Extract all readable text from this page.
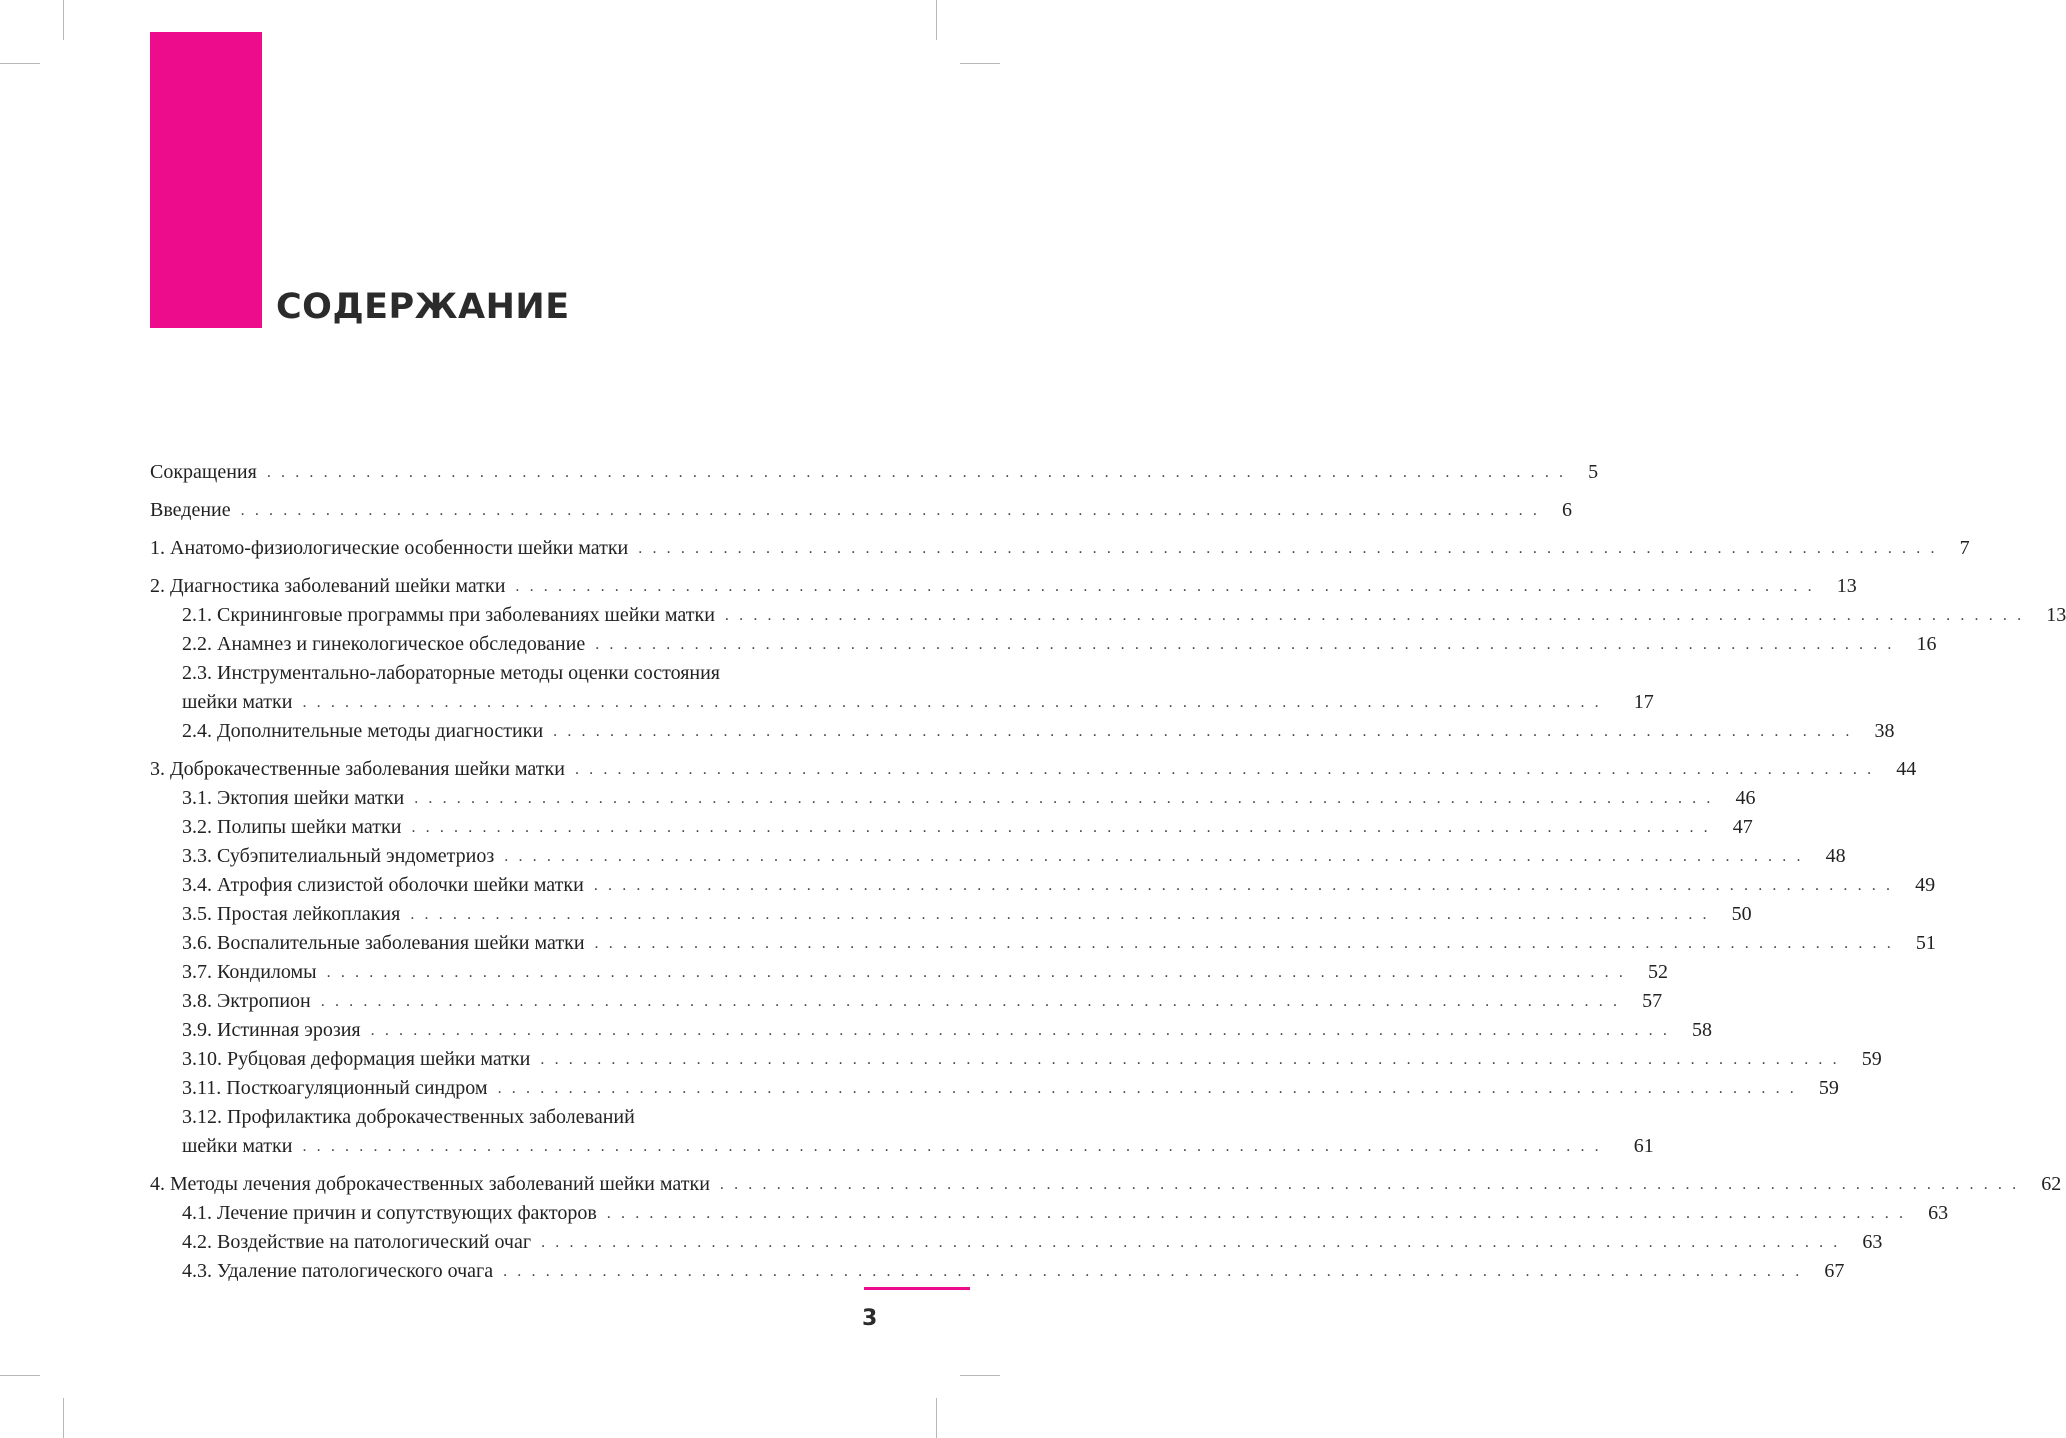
СОДЕРЖАНИЕ
Сокращения . . .	5
Введение . . .	6
1. Анатомо-физиологические особенности шейки матки . . .	7
2. Диагностика заболеваний шейки матки . . .	13
2.1. Скрининговые программы при заболеваниях шейки матки . . .	13
2.2. Анамнез и гинекологическое обследование . . .	16
2.3. Инструментально-лабораторные методы оценки состояния
шейки матки . . .	17
2.4. Дополнительные методы диагностики . . .	38
3. Доброкачественные заболевания шейки матки . . .	44
3.1. Эктопия шейки матки . . .	46
3.2. Полипы шейки матки . . .	47
3.3. Субэпителиальный эндометриоз . . .	48
3.4. Атрофия слизистой оболочки шейки матки . . .	49
3.5. Простая лейкоплакия . . .	50
3.6. Воспалительные заболевания шейки матки . . .	51
3.7. Кондиломы . . .	52
3.8. Эктропион . . .	57
3.9. Истинная эрозия . . .	58
3.10. Рубцовая деформация шейки матки . . .	59
3.11. Посткоагуляционный синдром . . .	59
3.12. Профилактика доброкачественных заболеваний
шейки матки . . .	61
4. Методы лечения доброкачественных заболеваний шейки матки . . .	62
4.1. Лечение причин и сопутствующих факторов . . .	63
4.2. Воздействие на патологический очаг . . .	63
4.3. Удаление патологического очага . . .	67
3
